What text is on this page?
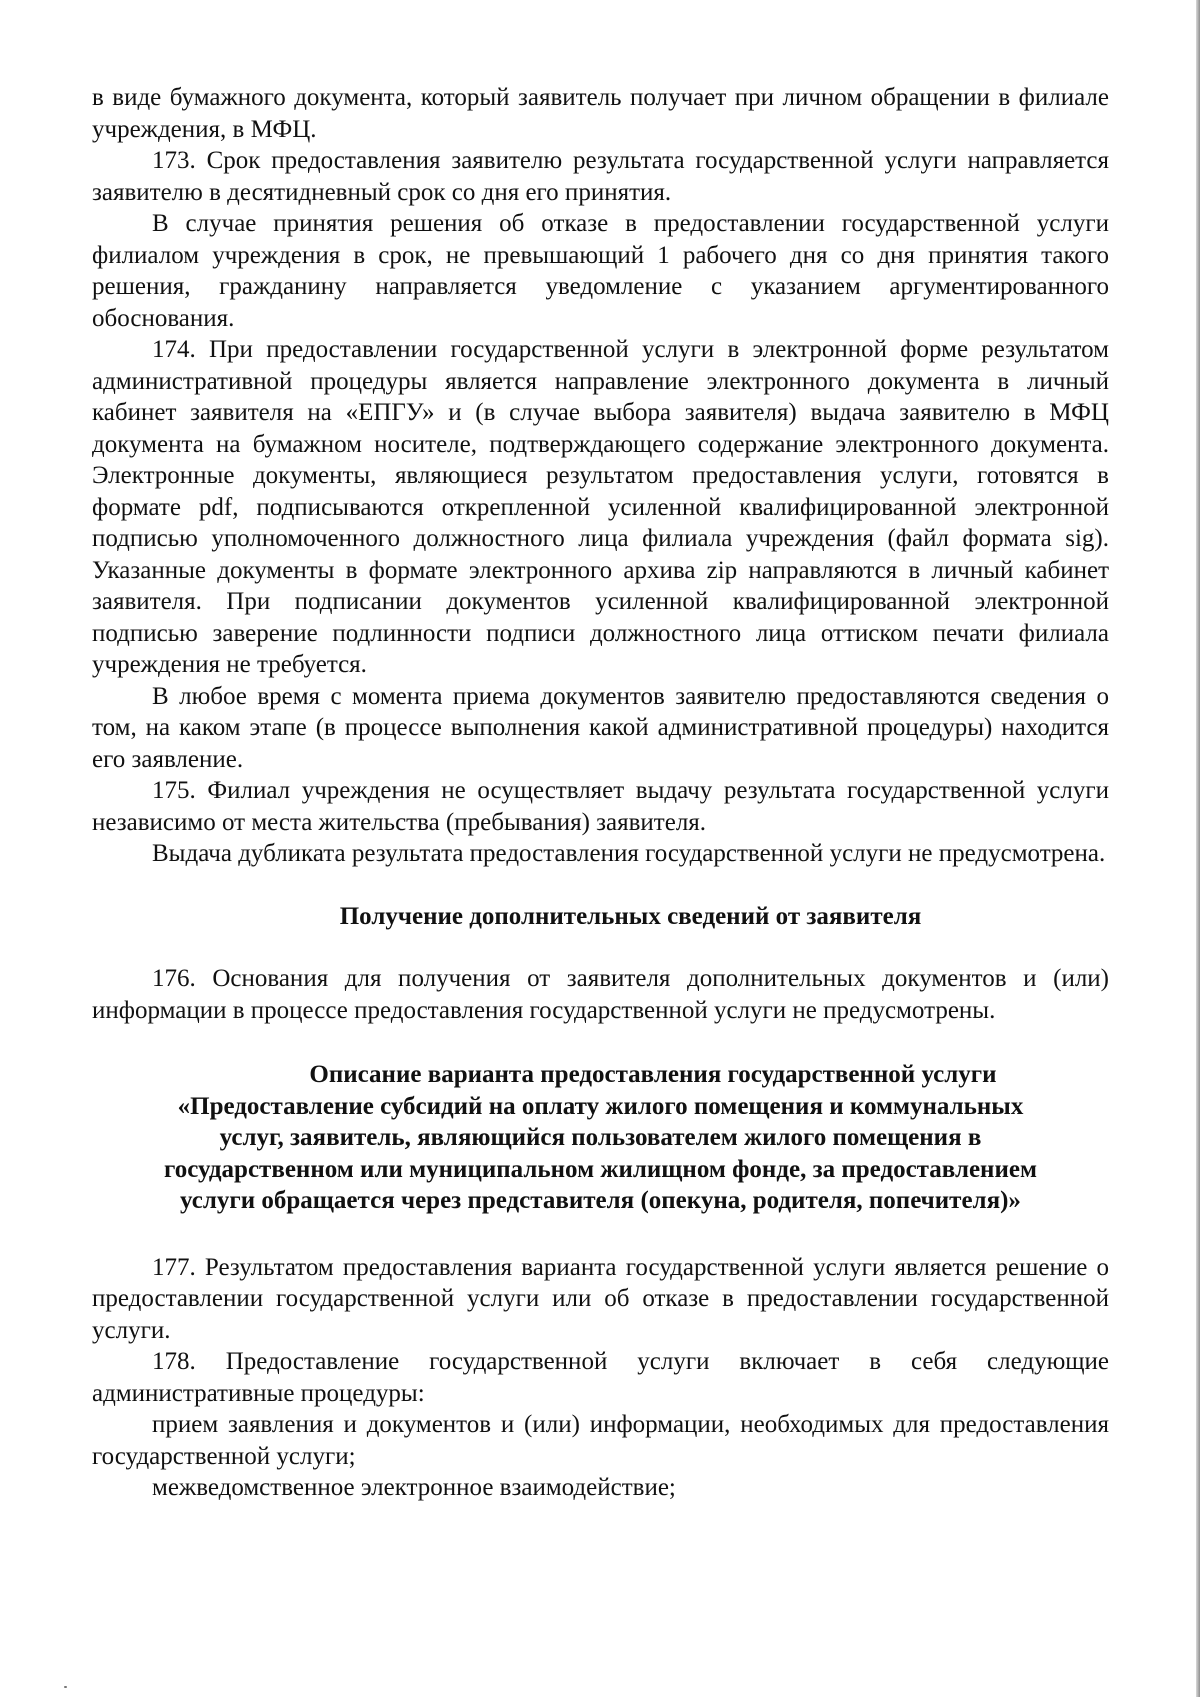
в виде бумажного документа, который заявитель получает при личном обращении в филиале учреждения, в МФЦ.

173. Срок предоставления заявителю результата государственной услуги направляется заявителю в десятидневный срок со дня его принятия.

В случае принятия решения об отказе в предоставлении государственной услуги филиалом учреждения в срок, не превышающий 1 рабочего дня со дня принятия такого решения, гражданину направляется уведомление с указанием аргументированного обоснования.

174. При предоставлении государственной услуги в электронной форме результатом административной процедуры является направление электронного документа в личный кабинет заявителя на «ЕПГУ» и (в случае выбора заявителя) выдача заявителю в МФЦ документа на бумажном носителе, подтверждающего содержание электронного документа. Электронные документы, являющиеся результатом предоставления услуги, готовятся в формате pdf, подписываются открепленной усиленной квалифицированной электронной подписью уполномоченного должностного лица филиала учреждения (файл формата sig). Указанные документы в формате электронного архива zip направляются в личный кабинет заявителя. При подписании документов усиленной квалифицированной электронной подписью заверение подлинности подписи должностного лица оттиском печати филиала учреждения не требуется.

В любое время с момента приема документов заявителю предоставляются сведения о том, на каком этапе (в процессе выполнения какой административной процедуры) находится его заявление.

175. Филиал учреждения не осуществляет выдачу результата государственной услуги независимо от места жительства (пребывания) заявителя.

Выдача дубликата результата предоставления государственной услуги не предусмотрена.

Получение дополнительных сведений от заявителя

176. Основания для получения от заявителя дополнительных документов и (или) информации в процессе предоставления государственной услуги не предусмотрены.

Описание варианта предоставления государственной услуги
«Предоставление субсидий на оплату жилого помещения и коммунальных
услуг, заявитель, являющийся пользователем жилого помещения в
государственном или муниципальном жилищном фонде, за предоставлением
услуги обращается через представителя (опекуна, родителя, попечителя)»

177. Результатом предоставления варианта государственной услуги является решение о предоставлении государственной услуги или об отказе в предоставлении государственной услуги.

178. Предоставление государственной услуги включает в себя следующие административные процедуры:

прием заявления и документов и (или) информации, необходимых для предоставления государственной услуги;

межведомственное электронное взаимодействие;
